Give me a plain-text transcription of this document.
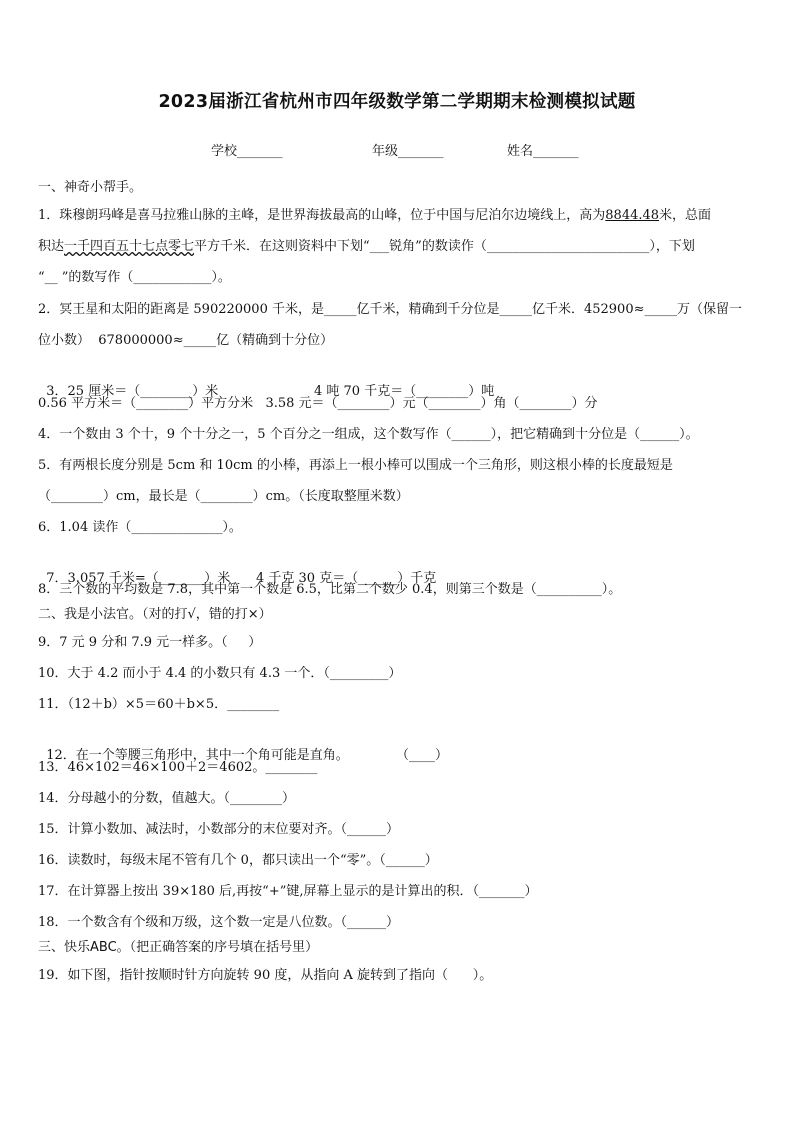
2023届浙江省杭州市四年级数学第二学期期末检测模拟试题
学校_______	年级_______	姓名_______
一、神奇小帮手。
1．珠穆朗玛峰是喜马拉雅山脉的主峰，是世界海拔最高的山峰，位于中国与尼泊尔边境线上，高为8844.48米，总面
积达一千四百五十七点零七平方千米．在这则资料中下划“___锐角”的数读作（_________________________），下划
“__ ”的数写作（____________）。
2．冥王星和太阳的距离是 590220000 千米，是_____亿千米，精确到千分位是_____亿千米．452900≈_____万（保留一
位小数）  678000000≈_____亿（精确到十分位）

3．25 厘米＝（________）米	4 吨 70 千克＝（________）吨

0.56 平方米＝（________）平方分米   3.58 元＝（________）元（________）角（________）分
4．一个数由 3 个十，9 个十分之一，5 个百分之一组成，这个数写作（______），把它精确到十分位是（______）。
5．有两根长度分别是 5cm 和 10cm 的小棒，再添上一根小棒可以围成一个三角形，则这根小棒的长度最短是
（________）cm，最长是（________）cm。（长度取整厘米数）
6．1.04 读作（______________）。

7．3.057 千米=（_______）米 4 千克 30 克＝（______）千克

8．三个数的平均数是 7.8，其中第一个数是 6.5，比第二个数少 0.4，则第三个数是（__________）。
二、我是小法官。（对的打√，错的打×）
9．7 元 9 分和 7.9 元一样多。（     ）
10．大于 4.2 而小于 4.4 的小数只有 4.3 一个．（_________）
11．（12＋b）×5＝60＋b×5．________

12．在一个等腰三角形中，其中一个角可能是直角。	（____）

13．46×102＝46×100＋2＝4602。________
14．分母越小的分数，值越大。（________）
15．计算小数加、减法时，小数部分的末位要对齐。（______）
16．读数时，每级末尾不管有几个 0，都只读出一个“零”。（______）
17．在计算器上按出 39×180 后,再按“+”键,屏幕上显示的是计算出的积．（_______）
18．一个数含有个级和万级，这个数一定是八位数。（______）
三、快乐ABC。（把正确答案的序号填在括号里）
19．如下图，指针按顺时针方向旋转 90 度，从指向 A 旋转到了指向（      ）。
